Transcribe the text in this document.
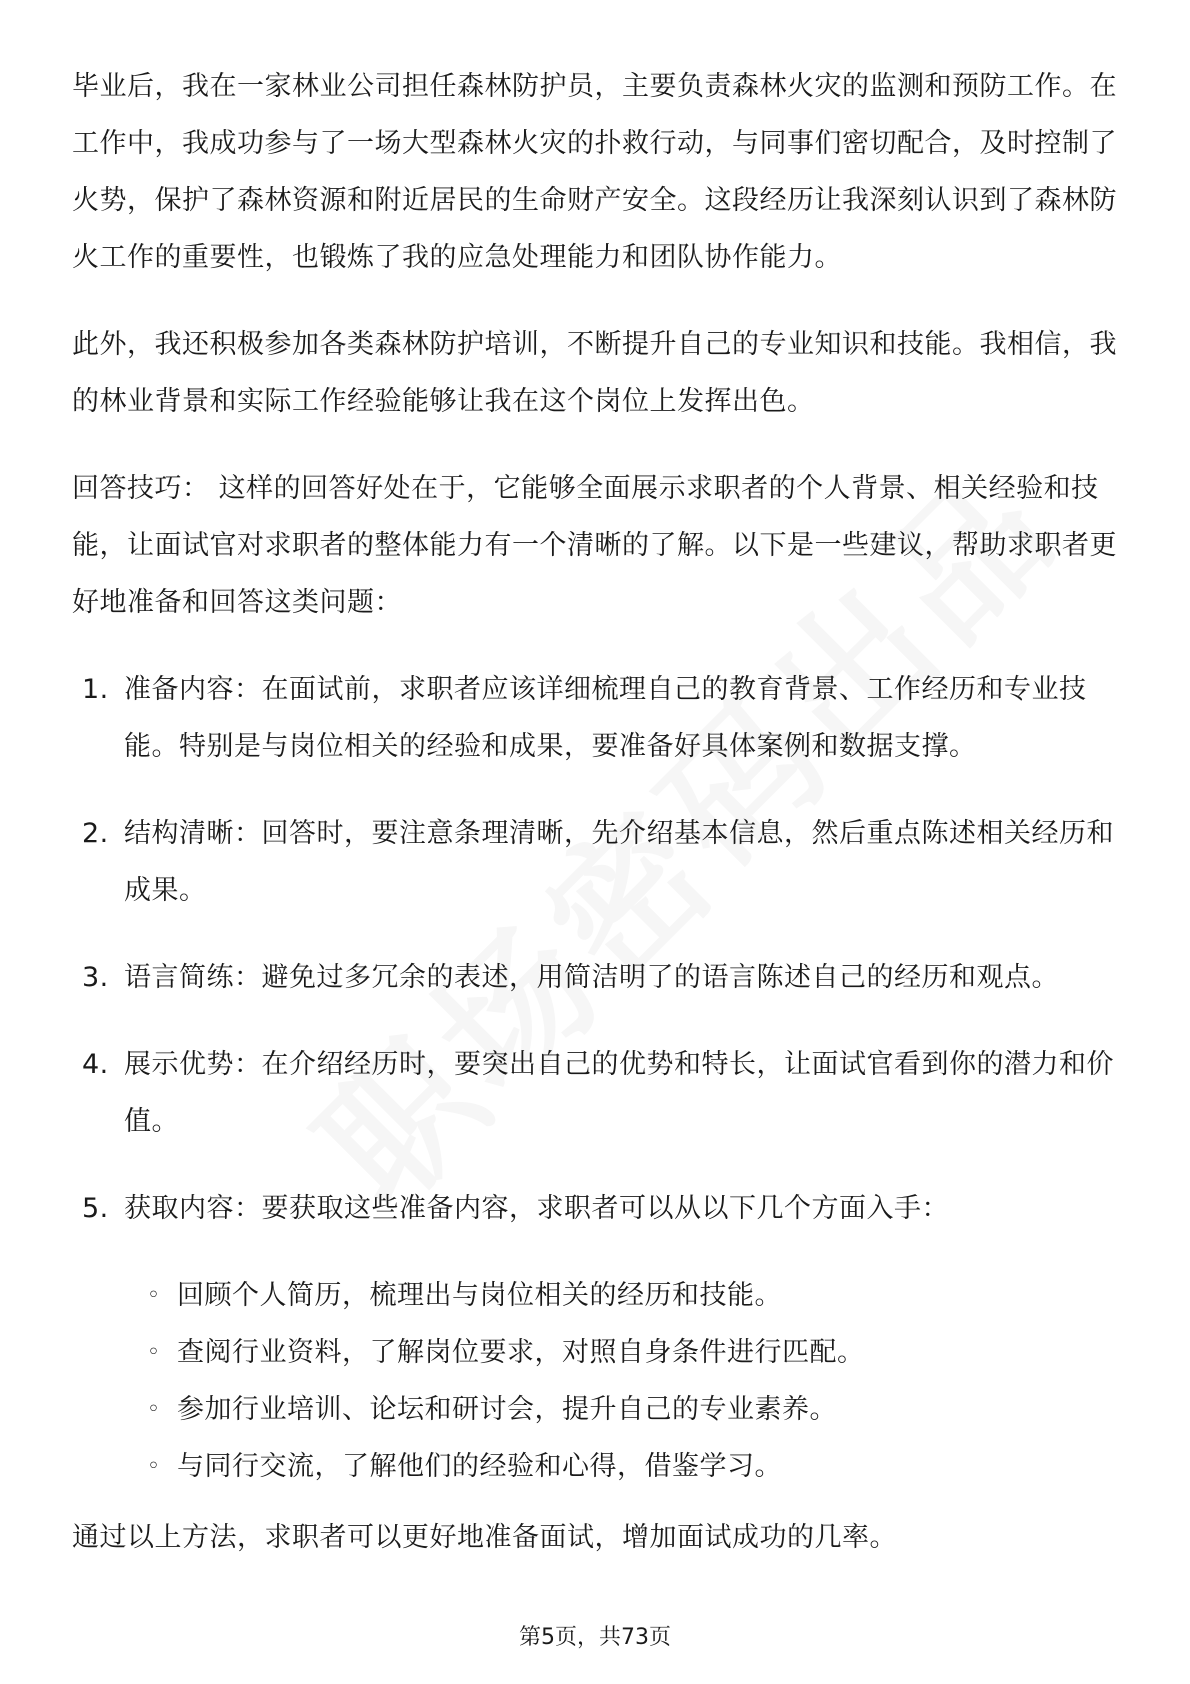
毕业后，我在一家林业公司担任森林防护员，主要负责森林火灾的监测和预防工作。在工作中，我成功参与了一场大型森林火灾的扑救行动，与同事们密切配合，及时控制了火势，保护了森林资源和附近居民的生命财产安全。这段经历让我深刻认识到了森林防火工作的重要性，也锻炼了我的应急处理能力和团队协作能力。

此外，我还积极参加各类森林防护培训，不断提升自己的专业知识和技能。我相信，我的林业背景和实际工作经验能够让我在这个岗位上发挥出色。

回答技巧： 这样的回答好处在于，它能够全面展示求职者的个人背景、相关经验和技能，让面试官对求职者的整体能力有一个清晰的了解。以下是一些建议，帮助求职者更好地准备和回答这类问题：

1. 准备内容：在面试前，求职者应该详细梳理自己的教育背景、工作经历和专业技能。特别是与岗位相关的经验和成果，要准备好具体案例和数据支撑。
2. 结构清晰：回答时，要注意条理清晰，先介绍基本信息，然后重点陈述相关经历和成果。
3. 语言简练：避免过多冗余的表述，用简洁明了的语言陈述自己的经历和观点。
4. 展示优势：在介绍经历时，要突出自己的优势和特长，让面试官看到你的潜力和价值。
5. 获取内容：要获取这些准备内容，求职者可以从以下几个方面入手：
◦ 回顾个人简历，梳理出与岗位相关的经历和技能。
◦ 查阅行业资料，了解岗位要求，对照自身条件进行匹配。
◦ 参加行业培训、论坛和研讨会，提升自己的专业素养。
◦ 与同行交流，了解他们的经验和心得，借鉴学习。

通过以上方法，求职者可以更好地准备面试，增加面试成功的几率。

第5页，共73页
